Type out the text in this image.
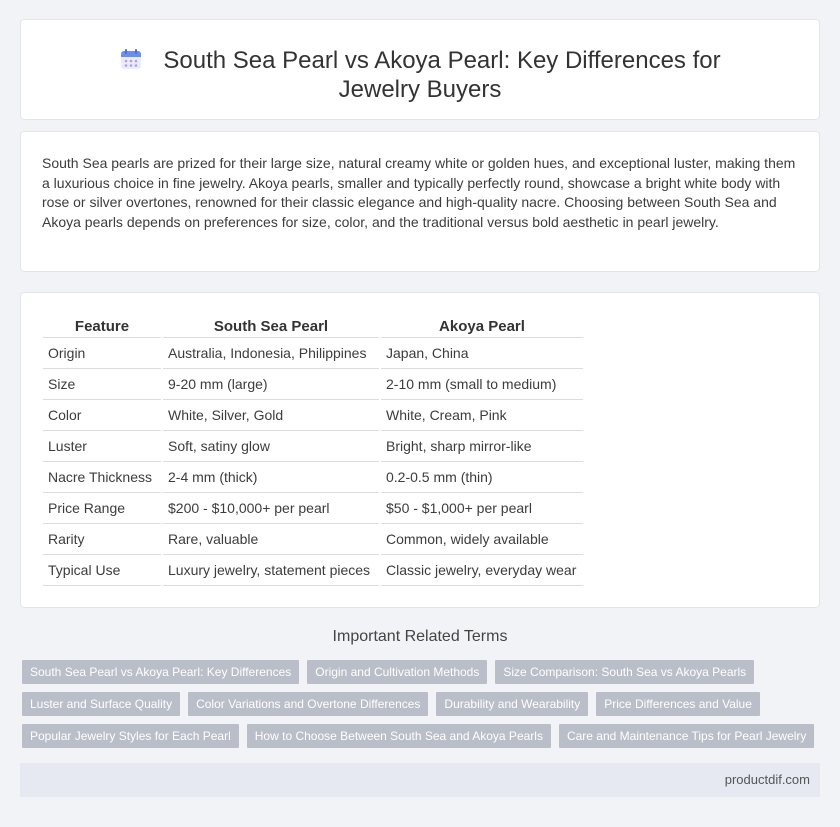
South Sea Pearl vs Akoya Pearl: Key Differences for Jewelry Buyers

South Sea pearls are prized for their large size, natural creamy white or golden hues, and exceptional luster, making them a luxurious choice in fine jewelry. Akoya pearls, smaller and typically perfectly round, showcase a bright white body with rose or silver overtones, renowned for their classic elegance and high-quality nacre. Choosing between South Sea and Akoya pearls depends on preferences for size, color, and the traditional versus bold aesthetic in pearl jewelry.

Feature	South Sea Pearl	Akoya Pearl
Origin	Australia, Indonesia, Philippines	Japan, China
Size	9-20 mm (large)	2-10 mm (small to medium)
Color	White, Silver, Gold	White, Cream, Pink
Luster	Soft, satiny glow	Bright, sharp mirror-like
Nacre Thickness	2-4 mm (thick)	0.2-0.5 mm (thin)
Price Range	$200 - $10,000+ per pearl	$50 - $1,000+ per pearl
Rarity	Rare, valuable	Common, widely available
Typical Use	Luxury jewelry, statement pieces	Classic jewelry, everyday wear
Important Related Terms
South Sea Pearl vs Akoya Pearl: Key Differences	Origin and Cultivation Methods	Size Comparison: South Sea vs Akoya Pearls
Luster and Surface Quality	Color Variations and Overtone Differences	Durability and Wearability	Price Differences and Value
Popular Jewelry Styles for Each Pearl	How to Choose Between South Sea and Akoya Pearls	Care and Maintenance Tips for Pearl Jewelry
productdif.com
